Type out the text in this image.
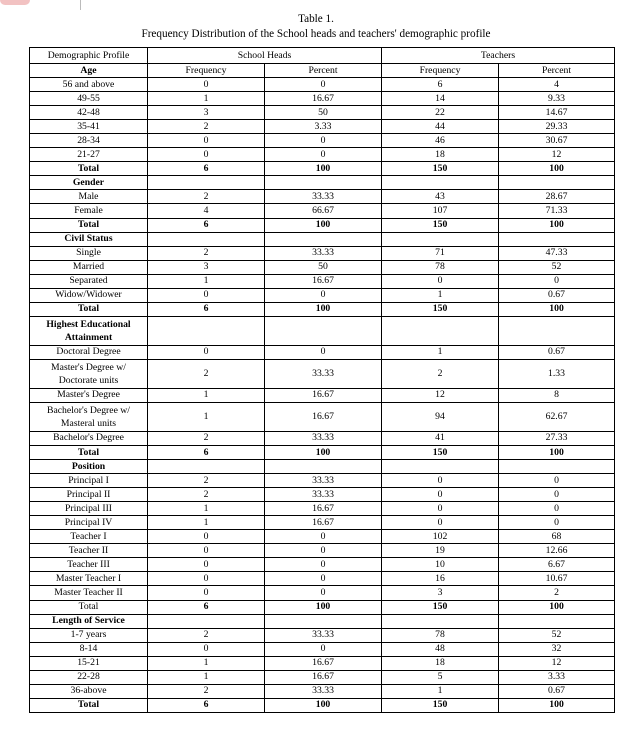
Table 1.
Frequency Distribution of the School heads and teachers' demographic profile
Demographic Profile	School Heads		Teachers	
Age	Frequency	Percent	Frequency	Percent
56 and above	0	0	6	4
49-55	1	16.67	14	9.33
42-48	3	50	22	14.67
35-41	2	3.33	44	29.33
28-34	0	0	46	30.67
21-27	0	0	18	12
Total	6	100	150	100
Gender				
Male	2	33.33	43	28.67
Female	4	66.67	107	71.33
Total	6	100	150	100
Civil Status				
Single	2	33.33	71	47.33
Married	3	50	78	52
Separated	1	16.67	0	0
Widow/Widower	0	0	1	0.67
Total	6	100	150	100
Highest Educational Attainment				
Doctoral Degree	0	0	1	0.67
Master's Degree w/ Doctorate units	2	33.33	2	1.33
Master's Degree	1	16.67	12	8
Bachelor's Degree w/ Masteral units	1	16.67	94	62.67
Bachelor's Degree	2	33.33	41	27.33
Total	6	100	150	100
Position				
Principal I	2	33.33	0	0
Principal II	2	33.33	0	0
Principal III	1	16.67	0	0
Principal IV	1	16.67	0	0
Teacher I	0	0	102	68
Teacher II	0	0	19	12.66
Teacher III	0	0	10	6.67
Master Teacher I	0	0	16	10.67
Master Teacher II	0	0	3	2
Total	6	100	150	100
Length of Service				
1-7 years	2	33.33	78	52
8-14	0	0	48	32
15-21	1	16.67	18	12
22-28	1	16.67	5	3.33
36-above	2	33.33	1	0.67
Total	6	100	150	100
